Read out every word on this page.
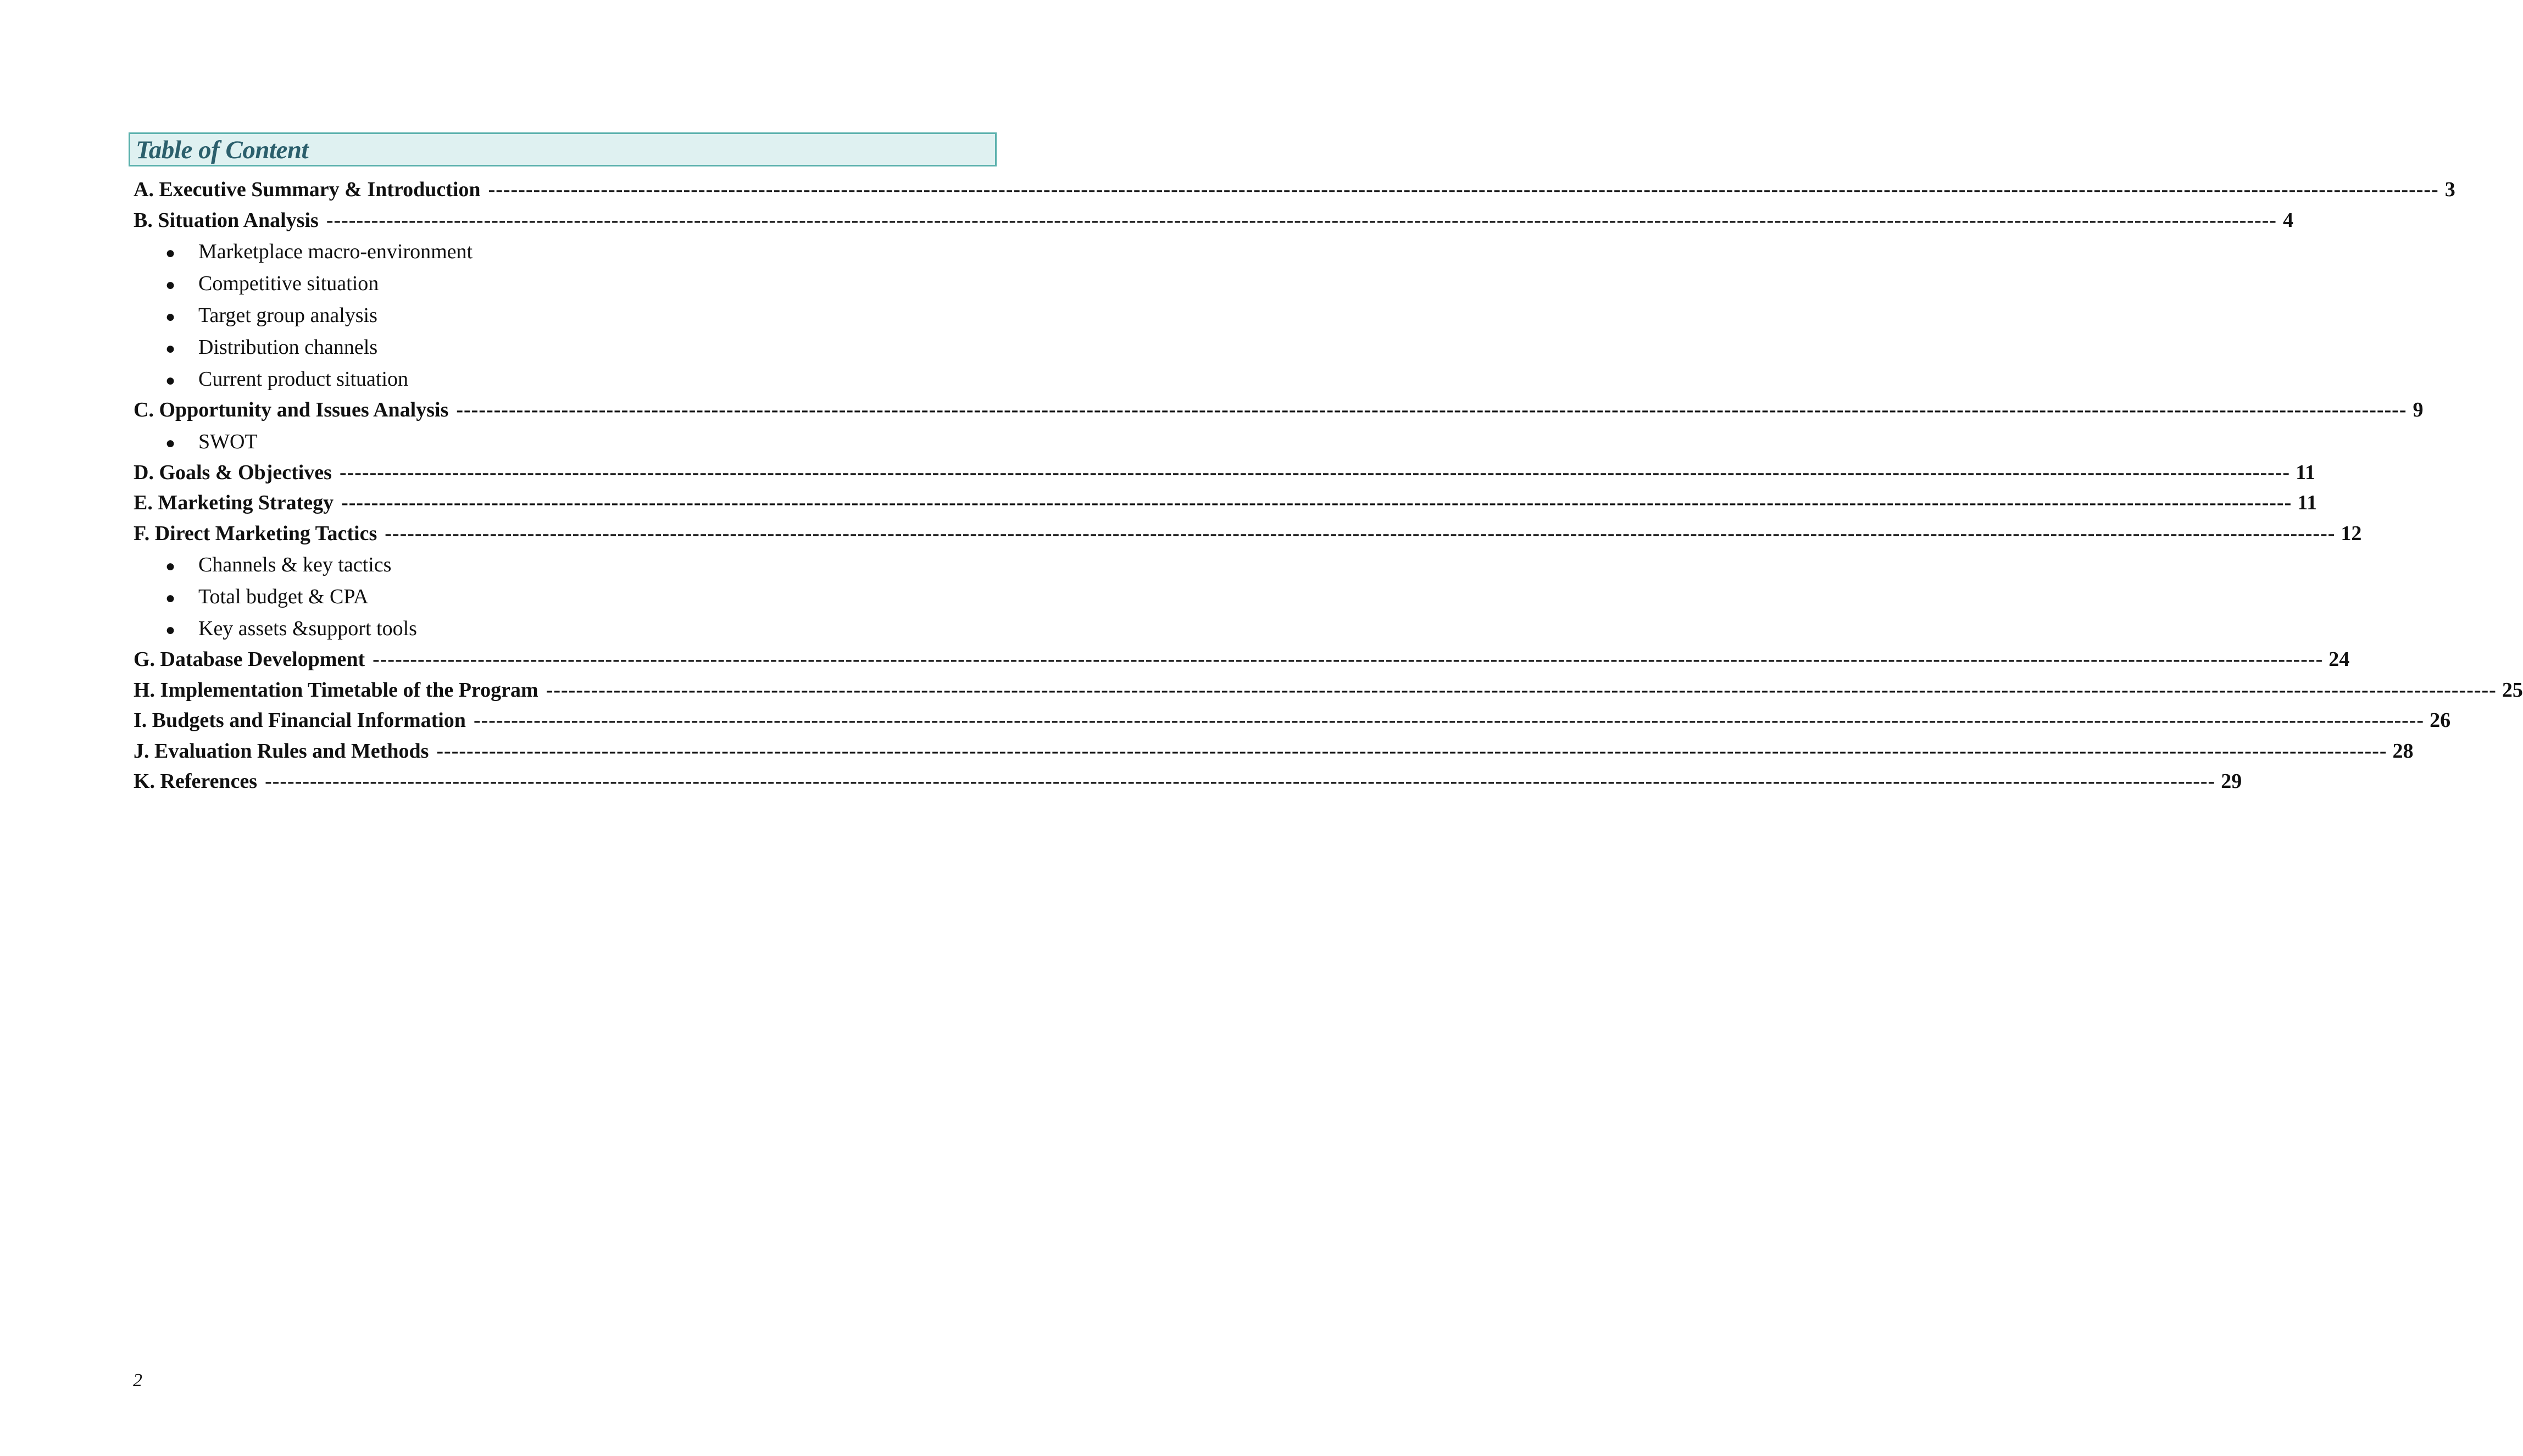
Table of Content
A. Executive Summary & Introduction -------------------------------------------------------------------------------------------------------------------------------------------------------------------------------------------------------------------------------------------------------------------- 3
B. Situation Analysis -------------------------------------------------------------------------------------------------------------------------------------------------------------------------------------------------------------------------------------------------------------------- 4
●	Marketplace macro-environment
●	Competitive situation
●	Target group analysis
●	Distribution channels
●	Current product situation
C. Opportunity and Issues Analysis -------------------------------------------------------------------------------------------------------------------------------------------------------------------------------------------------------------------------------------------------------------------- 9
●	SWOT
D. Goals & Objectives -------------------------------------------------------------------------------------------------------------------------------------------------------------------------------------------------------------------------------------------------------------------- 11
E. Marketing Strategy -------------------------------------------------------------------------------------------------------------------------------------------------------------------------------------------------------------------------------------------------------------------- 11
F. Direct Marketing Tactics -------------------------------------------------------------------------------------------------------------------------------------------------------------------------------------------------------------------------------------------------------------------- 12
●	Channels & key tactics
●	Total budget & CPA
●	Key assets &support tools
G. Database Development -------------------------------------------------------------------------------------------------------------------------------------------------------------------------------------------------------------------------------------------------------------------- 24
H. Implementation Timetable of the Program -------------------------------------------------------------------------------------------------------------------------------------------------------------------------------------------------------------------------------------------------------------------- 25
I. Budgets and Financial Information -------------------------------------------------------------------------------------------------------------------------------------------------------------------------------------------------------------------------------------------------------------------- 26
J. Evaluation Rules and Methods -------------------------------------------------------------------------------------------------------------------------------------------------------------------------------------------------------------------------------------------------------------------- 28
K. References -------------------------------------------------------------------------------------------------------------------------------------------------------------------------------------------------------------------------------------------------------------------- 29
2
